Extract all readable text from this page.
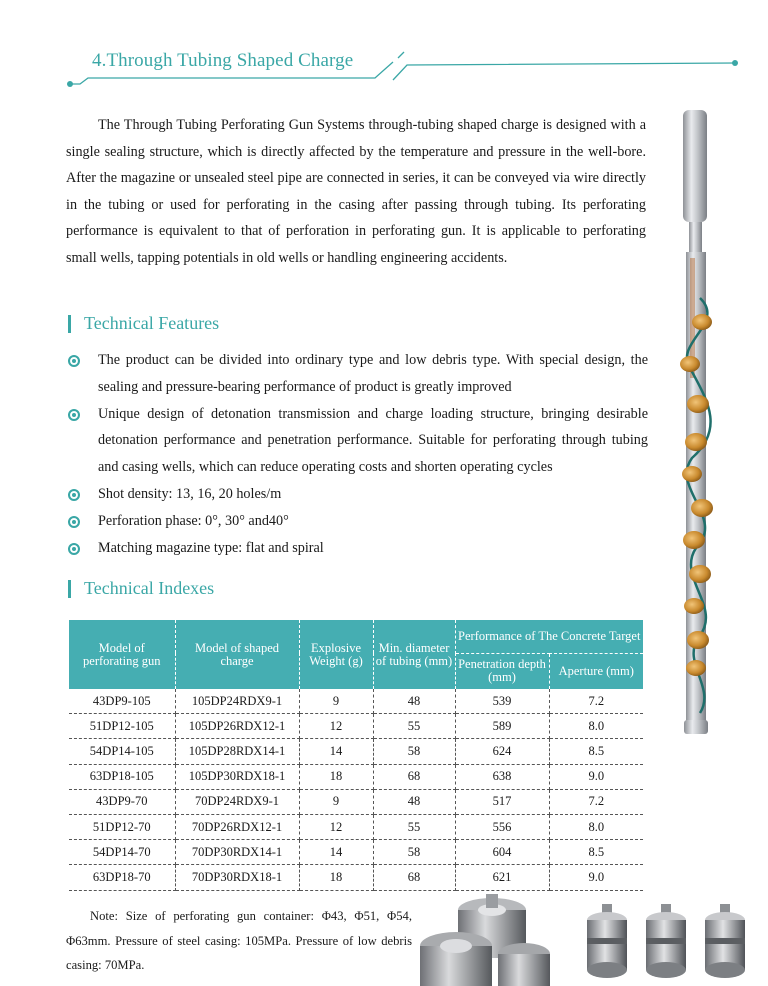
4.Through Tubing Shaped Charge

The Through Tubing Perforating Gun Systems through-tubing shaped charge is designed with a single sealing structure, which is directly affected by the temperature and pressure in the well-bore. After the magazine or unsealed steel pipe are connected in series, it can be conveyed via wire directly in the tubing or used for perforating in the casing after passing through tubing. Its perforating performance is equivalent to that of perforation in perforating gun. It is applicable to perforating small wells, tapping potentials in old wells or handling engineering accidents.

Technical Features
The product can be divided into ordinary type and low debris type. With special design, the sealing and pressure-bearing performance of product is greatly improved
Unique design of detonation transmission and charge loading structure, bringing desirable detonation performance and penetration performance. Suitable for perforating through tubing and casing wells, which can reduce operating costs and shorten operating cycles
Shot density: 13, 16, 20 holes/m
Perforation phase: 0°, 30° and40°
Matching magazine type: flat and spiral
Technical Indexes
Model of perforating gun	Model of shaped charge	Explosive Weight (g)	Min. diameter of tubing (mm)	Performance of The Concrete Target	
				Penetration depth (mm)	Aperture (mm)
43DP9-105	105DP24RDX9-1	9	48	539	7.2
51DP12-105	105DP26RDX12-1	12	55	589	8.0
54DP14-105	105DP28RDX14-1	14	58	624	8.5
63DP18-105	105DP30RDX18-1	18	68	638	9.0
43DP9-70	70DP24RDX9-1	9	48	517	7.2
51DP12-70	70DP26RDX12-1	12	55	556	8.0
54DP14-70	70DP30RDX14-1	14	58	604	8.5
63DP18-70	70DP30RDX18-1	18	68	621	9.0

Note: Size of perforating gun container: Φ43, Φ51, Φ54, Φ63mm. Pressure of steel casing: 105MPa. Pressure of low debris casing: 70MPa.
